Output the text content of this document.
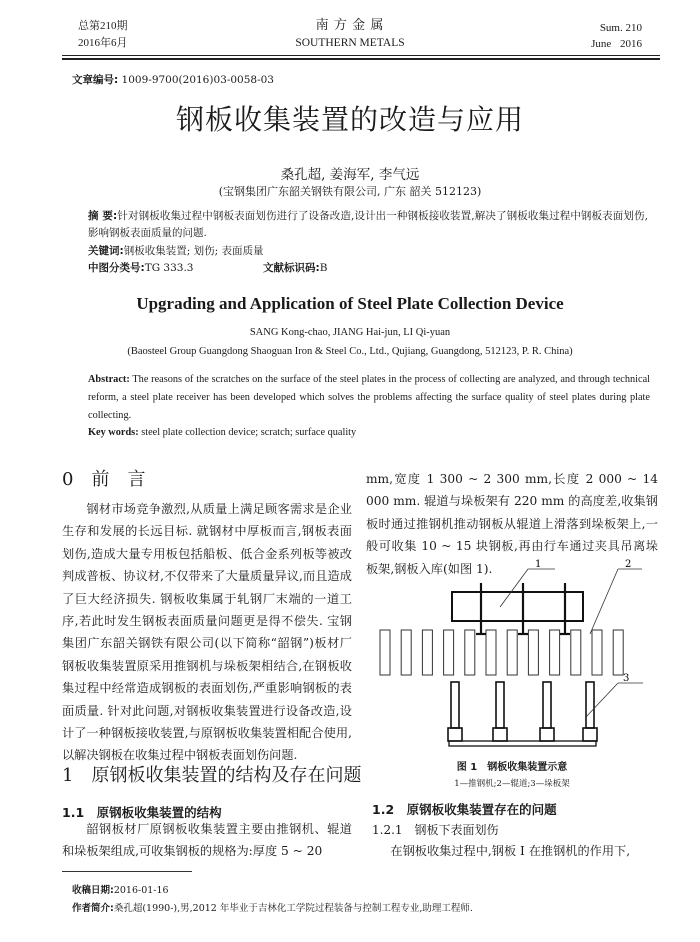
总第210期
2016年6月
南 方 金 属
SOUTHERN METALS
Sum. 210
June 2016
文章编号: 1009-9700(2016)03-0058-03
钢板收集装置的改造与应用
桑孔超, 姜海军, 李气远
(宝钢集团广东韶关钢铁有限公司, 广东 韶关 512123)
摘 要:针对钢板收集过程中钢板表面划伤进行了设备改造,设计出一种钢板接收装置,解决了钢板收集过程中钢板表面划伤,影响钢板表面质量的问题.
关键词:钢板收集装置; 划伤; 表面质量
中图分类号:TG 333.3	文献标识码:B
Upgrading and Application of Steel Plate Collection Device
SANG Kong-chao, JIANG Hai-jun, LI Qi-yuan
(Baosteel Group Guangdong Shaoguan Iron & Steel Co., Ltd., Qujiang, Guangdong, 512123, P. R. China)
Abstract: The reasons of the scratches on the surface of the steel plates in the process of collecting are analyzed, and through technical reform, a steel plate receiver has been developed which solves the problems affecting the surface quality of steel plates during plate collecting.
Key words: steel plate collection device; scratch; surface quality
0　前　言

钢材市场竞争激烈,从质量上满足顾客需求是企业生存和发展的长远目标. 就钢材中厚板而言,钢板表面划伤,造成大量专用板包括船板、低合金系列板等被改判成普板、协议材,不仅带来了大量质量异议,而且造成了巨大经济损失. 钢板收集属于轧钢厂末端的一道工序,若此时发生钢板表面质量问题更是得不偿失. 宝钢集团广东韶关钢铁有限公司(以下简称“韶钢”)板材厂钢板收集装置原采用推钢机与垛板架相结合,在钢板收集过程中经常造成钢板的表面划伤,严重影响钢板的表面质量. 针对此问题,对钢板收集装置进行设备改造,设计了一种钢板接收装置,与原钢板收集装置相配合使用,以解决钢板在收集过程中钢板表面划伤问题.

1　原钢板收集装置的结构及存在问题
1.1　原钢板收集装置的结构

韶钢板材厂原钢板收集装置主要由推钢机、辊道和垛板架组成,可收集钢板的规格为:厚度 5 ~ 20

mm,宽度 1 300 ~ 2 300 mm,长度 2 000 ~ 14 000 mm. 辊道与垛板架有 220 mm 的高度差,收集钢板时通过推钢机推动钢板从辊道上滑落到垛板架上,一般可收集 10 ~ 15 块钢板,再由行车通过夹具吊离垛板架,钢板入库(如图 1).	1	2
3
图 1　钢板收集装置示意
1—推钢机;2—辊道;3—垛板架
1.2　原钢板收集装置存在的问题
1.2.1　钢板下表面划伤

在钢板收集过程中,钢板 Ⅰ 在推钢机的作用下,

收稿日期:2016-01-16
作者简介:桑孔超(1990-),男,2012 年毕业于吉林化工学院过程装备与控制工程专业,助理工程师.
